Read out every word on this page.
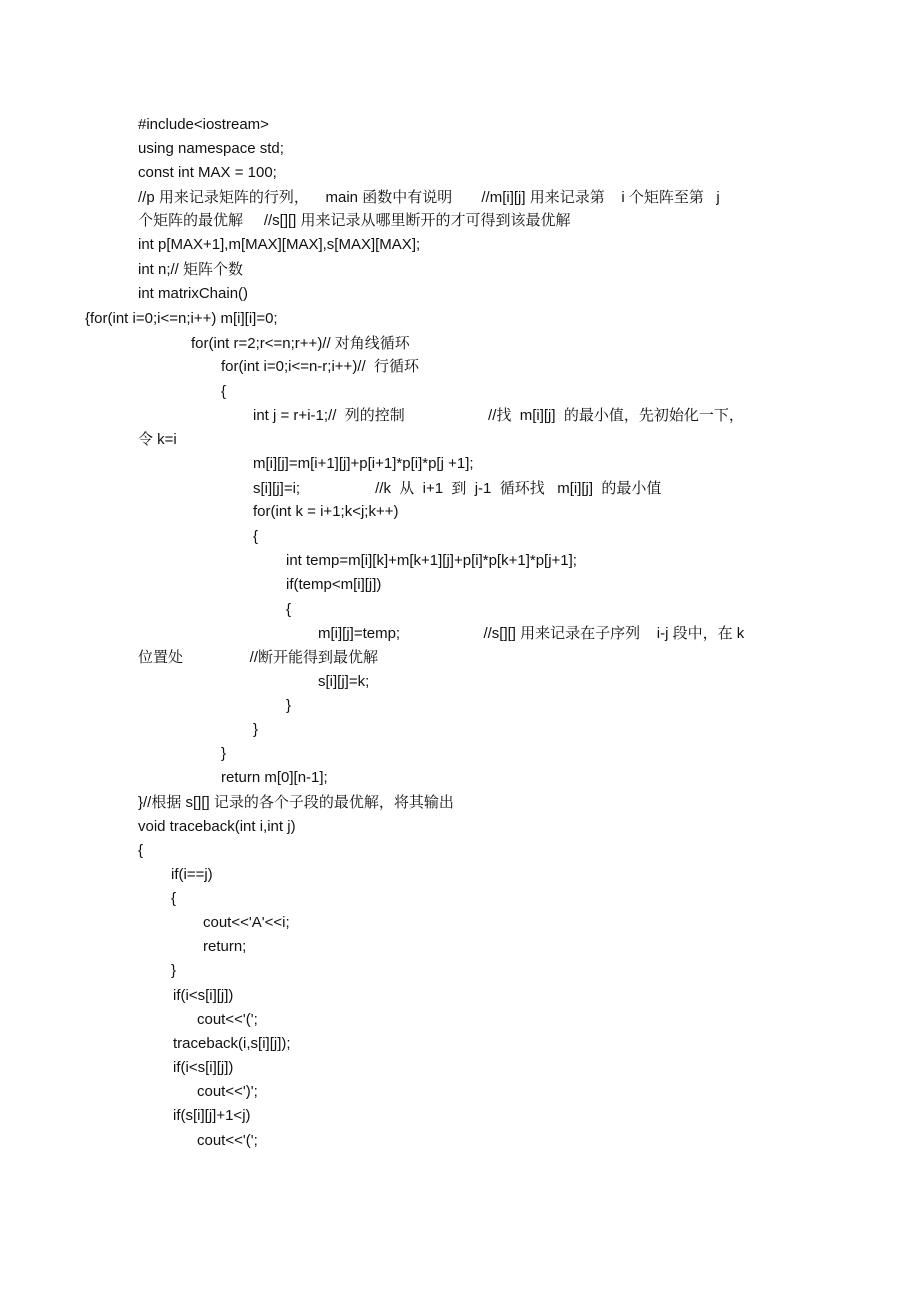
#include<iostream>
using namespace std;
const int MAX = 100;
//p 用来记录矩阵的行列，    main 函数中有说明       //m[i][j] 用来记录第    i 个矩阵至第   j
个矩阵的最优解     //s[][] 用来记录从哪里断开的才可得到该最优解
int p[MAX+1],m[MAX][MAX],s[MAX][MAX];
int n;// 矩阵个数
int matrixChain()
{for(int i=0;i<=n;i++) m[i][i]=0;
for(int r=2;r<=n;r++)// 对角线循环
for(int i=0;i<=n-r;i++)//  行循环
{
int j = r+i-1;//  列的控制                    //找  m[i][j]  的最小值，先初始化一下，
令 k=i
m[i][j]=m[i+1][j]+p[i+1]*p[i]*p[j +1];
s[i][j]=i;                  //k  从  i+1  到  j-1  循环找   m[i][j]  的最小值
for(int k = i+1;k<j;k++)
{
int temp=m[i][k]+m[k+1][j]+p[i]*p[k+1]*p[j+1];
if(temp<m[i][j])
{
m[i][j]=temp;                    //s[][] 用来记录在子序列    i-j 段中，在 k
位置处                //断开能得到最优解
s[i][j]=k;
}
}
}
return m[0][n-1];
}//根据 s[][] 记录的各个子段的最优解，将其输出
void traceback(int i,int j)
{
if(i==j)
{
cout<<'A'<<i;
return;
}
if(i<s[i][j])
cout<<'(';
traceback(i,s[i][j]);
if(i<s[i][j])
cout<<')';
if(s[i][j]+1<j)
cout<<'(';
